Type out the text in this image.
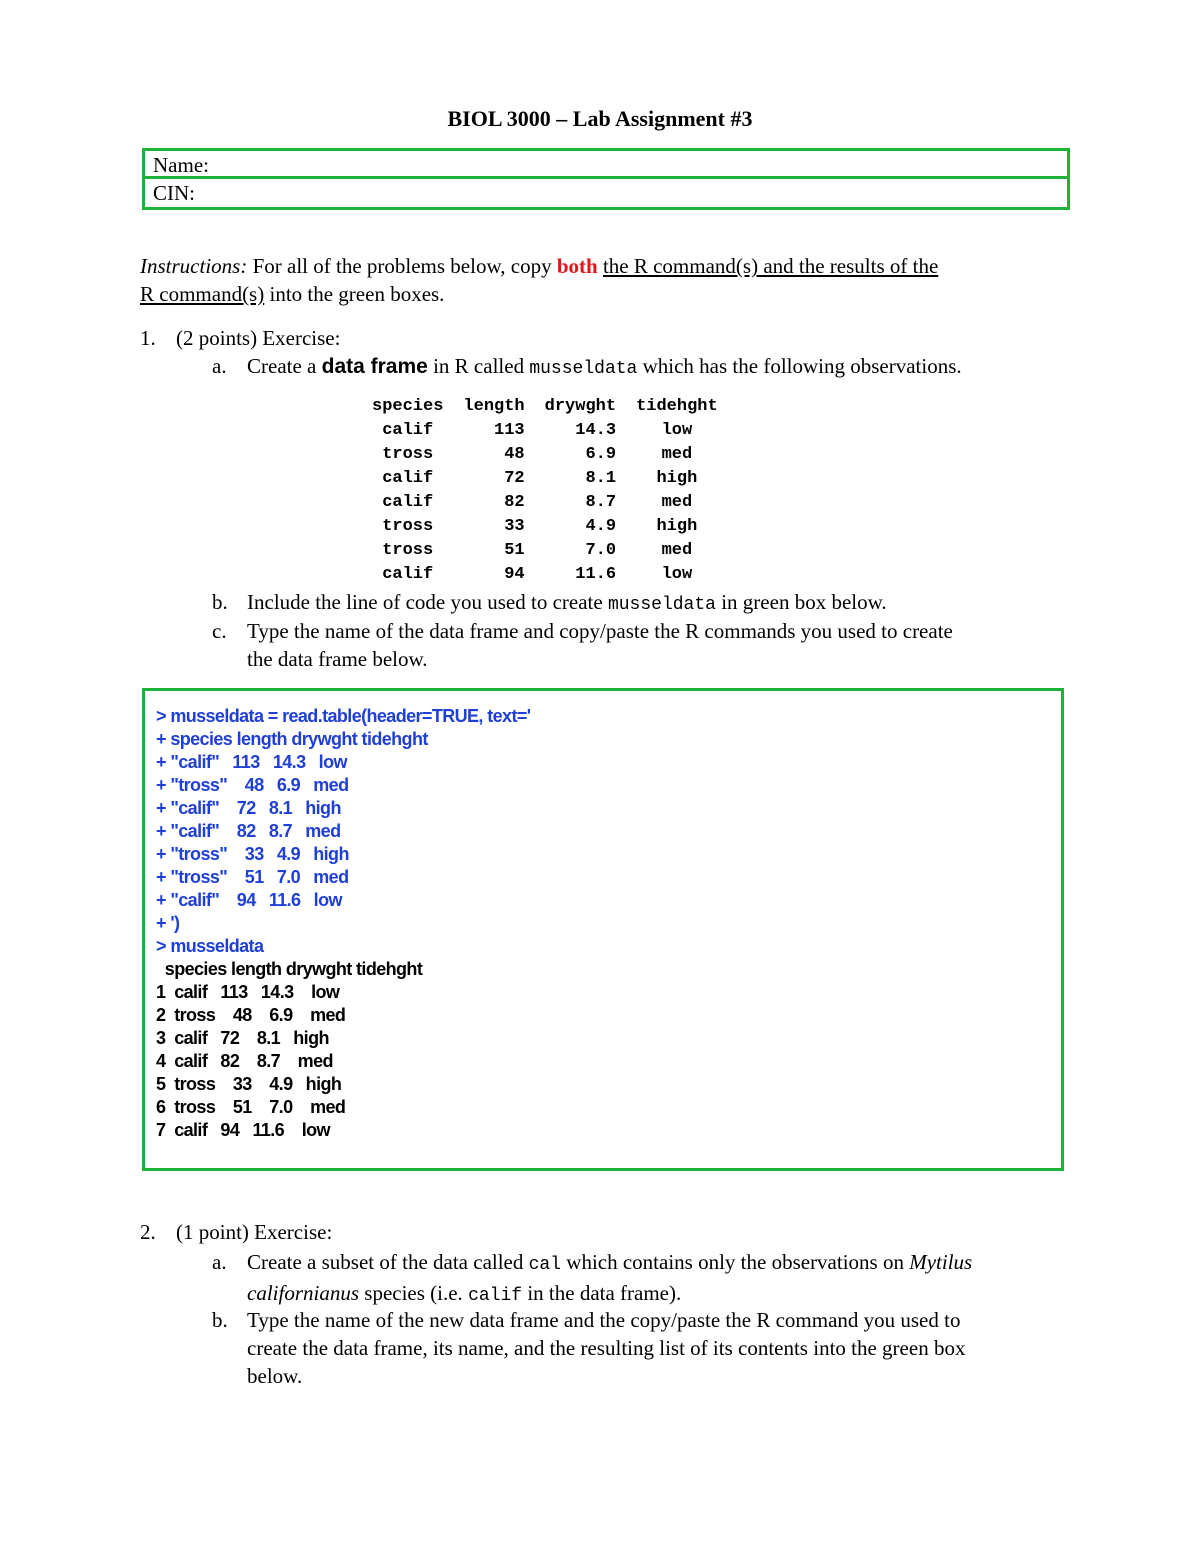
BIOL 3000 – Lab Assignment #3
Name:
CIN:
Instructions: For all of the problems below, copy both the R command(s) and the results of the
R command(s) into the green boxes.
1. (2 points) Exercise:
a. Create a data frame in R called musseldata which has the following observations.
species	length	drywght	tidehght
calif	113	14.3	low
tross	48	6.9	med
calif	72	8.1	high
calif	82	8.7	med
tross	33	4.9	high
tross	51	7.0	med
calif	94	11.6	low
b. Include the line of code you used to create musseldata in green box below.
c. Type the name of the data frame and copy/paste the R commands you used to create
the data frame below.
> musseldata = read.table(header=TRUE, text='
+ species length drywght tidehght
+ "calif"   113   14.3   low
+ "tross"    48   6.9   med
+ "calif"    72   8.1   high
+ "calif"    82   8.7   med
+ "tross"    33   4.9   high
+ "tross"    51   7.0   med
+ "calif"    94   11.6   low
+ ')
> musseldata
species length drywght tidehght
1  calif   113   14.3    low
2  tross    48    6.9    med
3  calif   72    8.1   high
4  calif   82    8.7    med
5  tross    33    4.9   high
6  tross    51    7.0    med
7  calif   94   11.6    low
2. (1 point) Exercise:
a. Create a subset of the data called cal which contains only the observations on Mytilus
californianus species (i.e. calif in the data frame).
b. Type the name of the new data frame and the copy/paste the R command you used to
create the data frame, its name, and the resulting list of its contents into the green box
below.
